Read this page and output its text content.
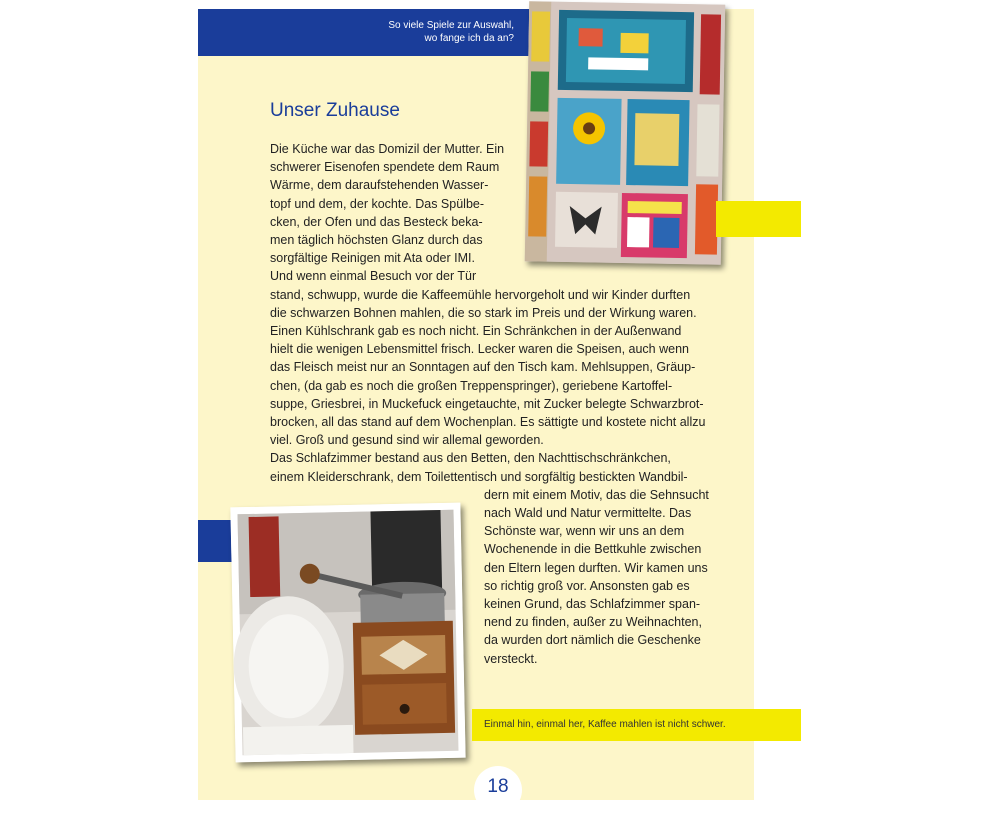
So viele Spiele zur Auswahl,
wo fange ich da an?
Unser Zuhause
Die Küche war das Domizil der Mutter. Ein
schwerer Eisenofen spendete dem Raum
Wärme, dem daraufstehenden Wasser-
topf und dem, der kochte. Das Spülbe-
cken, der Ofen und das Besteck beka-
men täglich höchsten Glanz durch das
sorgfältige Reinigen mit Ata oder IMI.
Und wenn einmal Besuch vor der Tür
stand, schwupp, wurde die Kaffeemühle hervorgeholt und wir Kinder durften
die schwarzen Bohnen mahlen, die so stark im Preis und der Wirkung waren.
Einen Kühlschrank gab es noch nicht. Ein Schränkchen in der Außenwand
hielt die wenigen Lebensmittel frisch. Lecker waren die Speisen, auch wenn
das Fleisch meist nur an Sonntagen auf den Tisch kam. Mehlsuppen, Gräup-
chen, (da gab es noch die großen Treppenspringer), geriebene Kartoffel-
suppe, Griesbrei, in Muckefuck eingetauchte, mit Zucker belegte Schwarzbrot-
brocken, all das stand auf dem Wochenplan. Es sättigte und kostete nicht allzu
viel. Groß und gesund sind wir allemal geworden.
Das Schlafzimmer bestand aus den Betten, den Nachttischschränkchen,
einem Kleiderschrank, dem Toilettentisch und sorgfältig bestickten Wandbil-
dern mit einem Motiv, das die Sehnsucht
nach Wald und Natur vermittelte. Das
Schönste war, wenn wir uns an dem
Wochenende in die Bettkuhle zwischen
den Eltern legen durften. Wir kamen uns
so richtig groß vor. Ansonsten gab es
keinen Grund, das Schlafzimmer span-
nend zu finden, außer zu Weihnachten,
da wurden dort nämlich die Geschenke
versteckt.
Einmal hin, einmal her, Kaffee mahlen ist nicht schwer.
18
